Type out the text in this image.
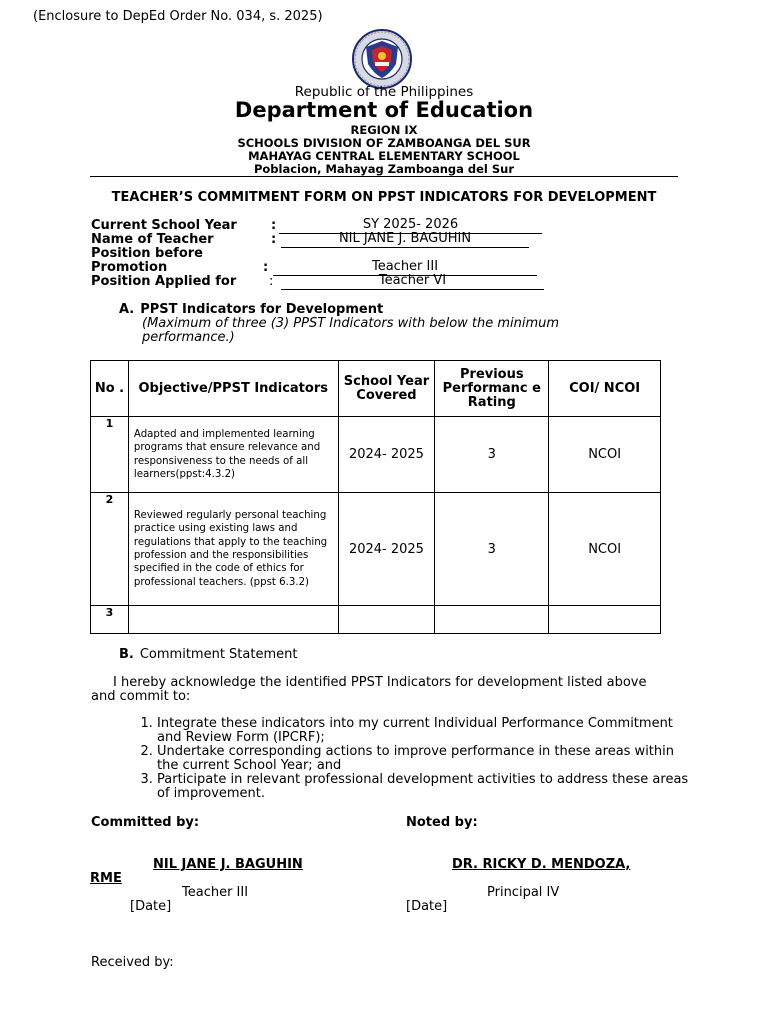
(Enclosure to DepEd Order No. 034, s. 2025)
Republic of the Philippines
Department of Education
REGION IX
SCHOOLS DIVISION OF ZAMBOANGA DEL SUR
MAHAYAG CENTRAL ELEMENTARY SCHOOL
Poblacion, Mahayag Zamboanga del Sur
TEACHER’S COMMITMENT FORM ON PPST INDICATORS FOR DEVELOPMENT
Current School Year	:	SY 2025- 2026
Name of Teacher	:	NIL JANE J. BAGUHIN
Position before
Promotion	:	Teacher III
Position Applied for	:	Teacher VI
A. PPST Indicators for Development
(Maximum of three (3) PPST Indicators with below the minimum performance.)
No .	Objective/PPST Indicators	School Year Covered	Previous Performanc e Rating	COI/ NCOI
1	Adapted and implemented learning programs that ensure relevance and responsiveness to the needs of all learners(ppst:4.3.2)	2024- 2025	3	NCOI
2	Reviewed regularly personal teaching practice using existing laws and regulations that apply to the teaching profession and the responsibilities specified in the code of ethics for professional teachers. (ppst 6.3.2)	2024- 2025	3	NCOI
3				
B. Commitment Statement
I hereby acknowledge the identified PPST Indicators for development listed above and commit to:
1. Integrate these indicators into my current Individual Performance Commitment and Review Form (IPCRF);
2. Undertake corresponding actions to improve performance in these areas within the current School Year; and
3. Participate in relevant professional development activities to address these areas of improvement.
Committed by:	Noted by:
NIL JANE J. BAGUHIN	DR. RICKY D. MENDOZA,
RME
Teacher III	Principal IV
[Date]	[Date]
Received by:
